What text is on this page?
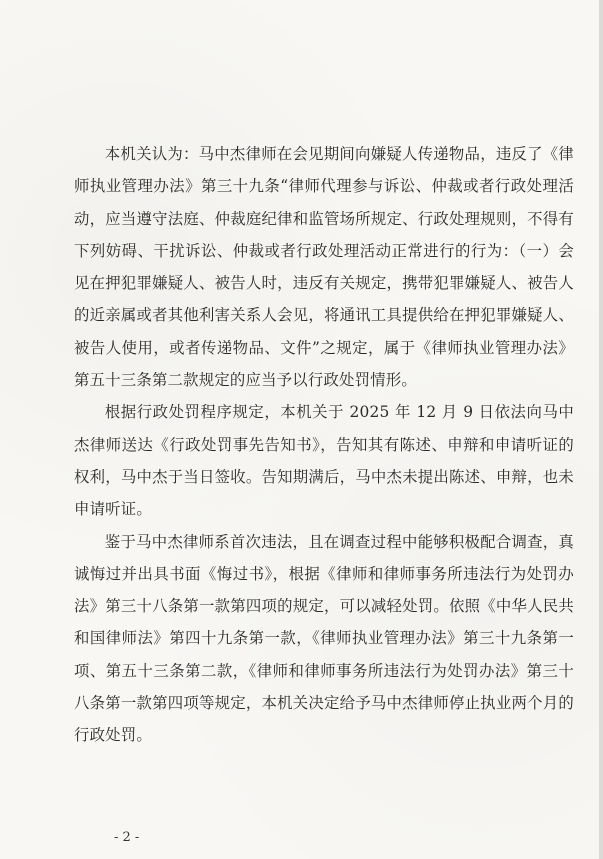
本机关认为：马中杰律师在会见期间向嫌疑人传递物品，违反了《律师执业管理办法》第三十九条“律师代理参与诉讼、仲裁或者行政处理活动，应当遵守法庭、仲裁庭纪律和监管场所规定、行政处理规则，不得有下列妨碍、干扰诉讼、仲裁或者行政处理活动正常进行的行为：（一）会见在押犯罪嫌疑人、被告人时，违反有关规定，携带犯罪嫌疑人、被告人的近亲属或者其他利害关系人会见，将通讯工具提供给在押犯罪嫌疑人、被告人使用，或者传递物品、文件”之规定，属于《律师执业管理办法》第五十三条第二款规定的应当予以行政处罚情形。

根据行政处罚程序规定，本机关于 2025 年 12 月 9 日依法向马中杰律师送达《行政处罚事先告知书》，告知其有陈述、申辩和申请听证的权利，马中杰于当日签收。告知期满后，马中杰未提出陈述、申辩，也未申请听证。

鉴于马中杰律师系首次违法，且在调查过程中能够积极配合调查，真诚悔过并出具书面《悔过书》，根据《律师和律师事务所违法行为处罚办法》第三十八条第一款第四项的规定，可以减轻处罚。依照《中华人民共和国律师法》第四十九条第一款，《律师执业管理办法》第三十九条第一项、第五十三条第二款，《律师和律师事务所违法行为处罚办法》第三十八条第一款第四项等规定，本机关决定给予马中杰律师停止执业两个月的行政处罚。

- 2 -
